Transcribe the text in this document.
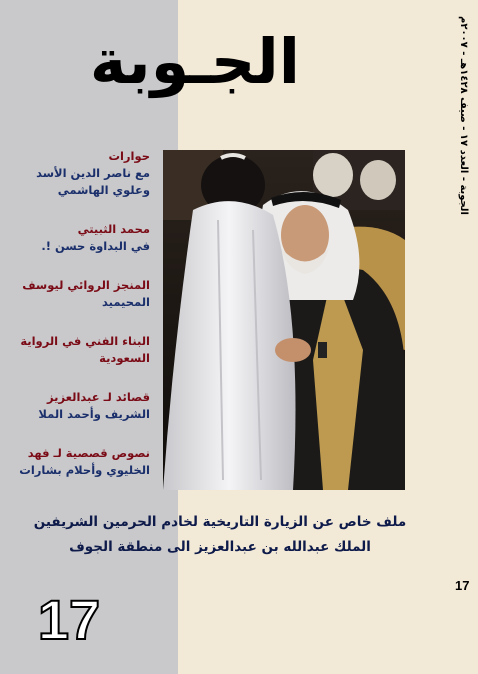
الجـوبة
الجوبة - العدد ١٧ - صيف ١٤٢٨هـ - ٢٠٠٧م
حوارات
مع ناصر الدين الأسد
وعلوي الهاشمي
محمد الثبيتي
في البداوة حسن !.
المنجز الروائي ليوسف
المحيميد
البناء الفني في الرواية
السعودية
قصائد لـ عبدالعزيز
الشريف وأحمد الملا
نصوص قصصية لـ فهد
الخليوي وأحلام بشارات
ملف خاص عن الزيارة التاريخية لخادم الحرمين الشريفين
الملك عبدالله بن عبدالعزيز الى منطقة الجوف
17
17
